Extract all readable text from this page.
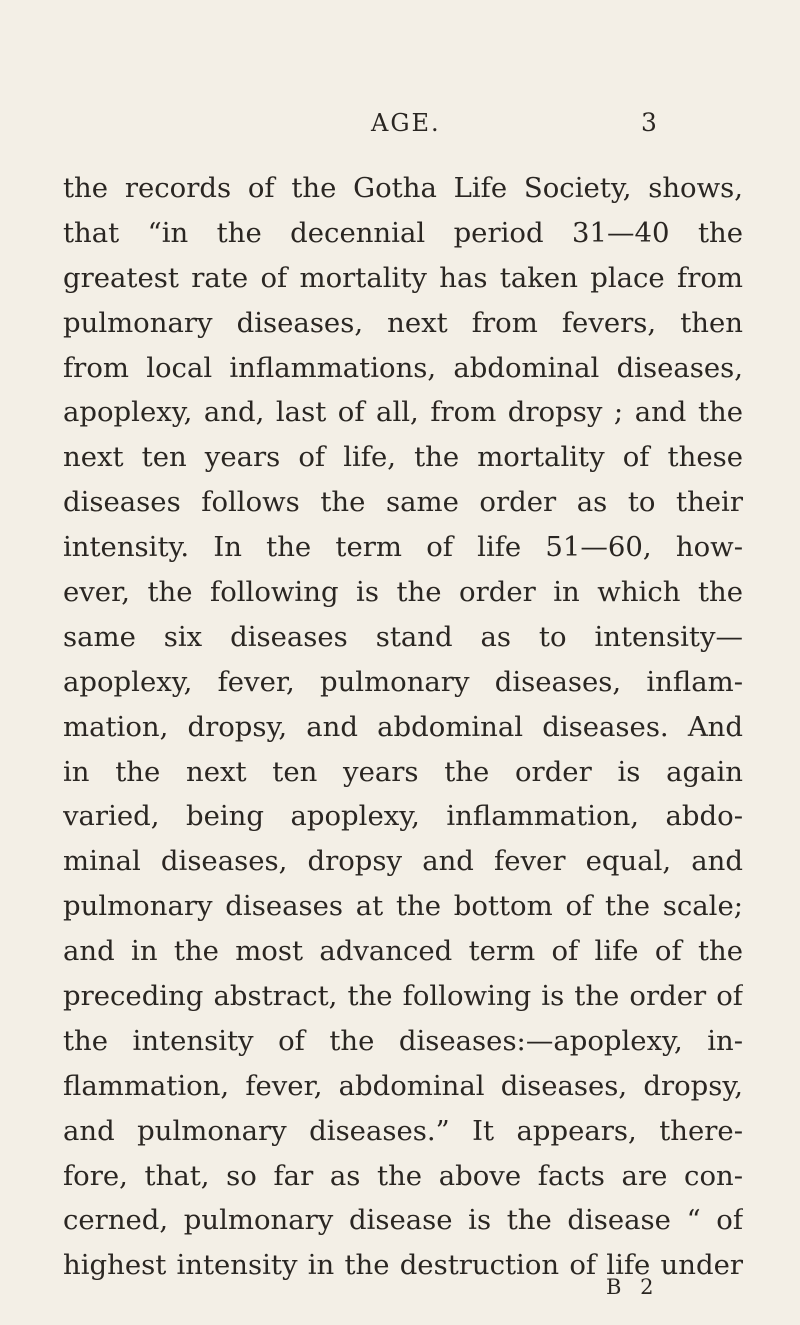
AGE.	3
the records of the Gotha Life Society, shows,
that “in the decennial period 31—40 the
greatest rate of mortality has taken place from
pulmonary diseases, next from fevers, then
from local inflammations, abdominal diseases,
apoplexy, and, last of all, from dropsy ; and the
next ten years of life, the mortality of these
diseases follows the same order as to their
intensity. In the term of life 51—60, how-
ever, the following is the order in which the
same six diseases stand as to intensity—
apoplexy, fever, pulmonary diseases, inflam-
mation, dropsy, and abdominal diseases. And
in the next ten years the order is again
varied, being apoplexy, inflammation, abdo-
minal diseases, dropsy and fever equal, and
pulmonary diseases at the bottom of the scale;
and in the most advanced term of life of the
preceding abstract, the following is the order of
the intensity of the diseases:—apoplexy, in-
flammation, fever, abdominal diseases, dropsy,
and pulmonary diseases.” It appears, there-
fore, that, so far as the above facts are con-
cerned, pulmonary disease is the disease “ of
highest intensity in the destruction of life under
B 2
